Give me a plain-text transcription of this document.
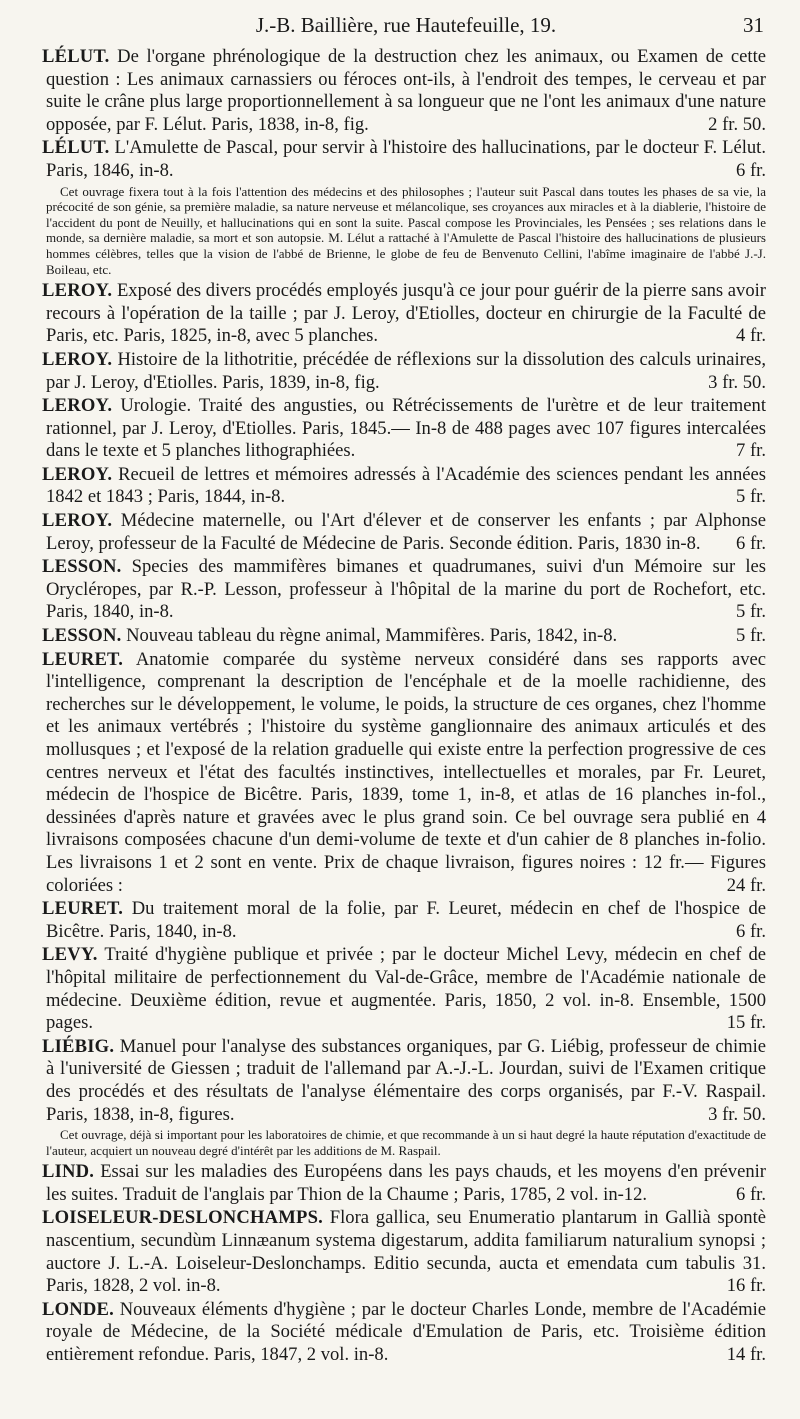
J.-B. Baillière, rue Hautefeuille, 19.	31
LÉLUT. De l'organe phrénologique de la destruction chez les animaux, ou Examen de cette question : Les animaux carnassiers ou féroces ont-ils, à l'endroit des tempes, le cerveau et par suite le crâne plus large proportionnellement à sa longueur que ne l'ont les animaux d'une nature opposée, par F. Lélut. Paris, 1838, in-8, fig.	2 fr. 50.
LÉLUT. L'Amulette de Pascal, pour servir à l'histoire des hallucinations, par le docteur F. Lélut. Paris, 1846, in-8.	6 fr.
Cet ouvrage fixera tout à la fois l'attention des médecins et des philosophes ; l'auteur suit Pascal dans toutes les phases de sa vie, la précocité de son génie, sa première maladie, sa nature nerveuse et mélancolique, ses croyances aux miracles et à la diablerie, l'histoire de l'accident du pont de Neuilly, et hallucinations qui en sont la suite. Pascal compose les Provinciales, les Pensées ; ses relations dans le monde, sa dernière maladie, sa mort et son autopsie. M. Lélut a rattaché à l'Amulette de Pascal l'histoire des hallucinations de plusieurs hommes célèbres, telles que la vision de l'abbé de Brienne, le globe de feu de Benvenuto Cellini, l'abîme imaginaire de l'abbé J.-J. Boileau, etc.
LEROY. Exposé des divers procédés employés jusqu'à ce jour pour guérir de la pierre sans avoir recours à l'opération de la taille ; par J. Leroy, d'Etiolles, docteur en chirurgie de la Faculté de Paris, etc. Paris, 1825, in-8, avec 5 planches.	4 fr.
LEROY. Histoire de la lithotritie, précédée de réflexions sur la dissolution des calculs urinaires, par J. Leroy, d'Etiolles. Paris, 1839, in-8, fig.	3 fr. 50.
LEROY. Urologie. Traité des angusties, ou Rétrécissements de l'urètre et de leur traitement rationnel, par J. Leroy, d'Etiolles. Paris, 1845.— In-8 de 488 pages avec 107 figures intercalées dans le texte et 5 planches lithographiées.	7 fr.
LEROY. Recueil de lettres et mémoires adressés à l'Académie des sciences pendant les années 1842 et 1843 ; Paris, 1844, in-8.	5 fr.
LEROY. Médecine maternelle, ou l'Art d'élever et de conserver les enfants ; par Alphonse Leroy, professeur de la Faculté de Médecine de Paris. Seconde édition. Paris, 1830 in-8.	6 fr.
LESSON. Species des mammifères bimanes et quadrumanes, suivi d'un Mémoire sur les Orycléropes, par R.-P. Lesson, professeur à l'hôpital de la marine du port de Rochefort, etc. Paris, 1840, in-8.	5 fr.
LESSON. Nouveau tableau du règne animal, Mammifères. Paris, 1842, in-8.	5 fr.
LEURET. Anatomie comparée du système nerveux considéré dans ses rapports avec l'intelligence, comprenant la description de l'encéphale et de la moelle rachidienne, des recherches sur le développement, le volume, le poids, la structure de ces organes, chez l'homme et les animaux vertébrés ; l'histoire du système ganglionnaire des animaux articulés et des mollusques ; et l'exposé de la relation graduelle qui existe entre la perfection progressive de ces centres nerveux et l'état des facultés instinctives, intellectuelles et morales, par Fr. Leuret, médecin de l'hospice de Bicêtre. Paris, 1839, tome 1, in-8, et atlas de 16 planches in-fol., dessinées d'après nature et gravées avec le plus grand soin. Ce bel ouvrage sera publié en 4 livraisons composées chacune d'un demi-volume de texte et d'un cahier de 8 planches in-folio. Les livraisons 1 et 2 sont en vente. Prix de chaque livraison, figures noires : 12 fr.— Figures coloriées :	24 fr.
LEURET. Du traitement moral de la folie, par F. Leuret, médecin en chef de l'hospice de Bicêtre. Paris, 1840, in-8.	6 fr.
LEVY. Traité d'hygiène publique et privée ; par le docteur Michel Levy, médecin en chef de l'hôpital militaire de perfectionnement du Val-de-Grâce, membre de l'Académie nationale de médecine. Deuxième édition, revue et augmentée. Paris, 1850, 2 vol. in-8. Ensemble, 1500 pages.	15 fr.
LIÉBIG. Manuel pour l'analyse des substances organiques, par G. Liébig, professeur de chimie à l'université de Giessen ; traduit de l'allemand par A.-J.-L. Jourdan, suivi de l'Examen critique des procédés et des résultats de l'analyse élémentaire des corps organisés, par F.-V. Raspail. Paris, 1838, in-8, figures.	3 fr. 50.
Cet ouvrage, déjà si important pour les laboratoires de chimie, et que recommande à un si haut degré la haute réputation d'exactitude de l'auteur, acquiert un nouveau degré d'intérêt par les additions de M. Raspail.
LIND. Essai sur les maladies des Européens dans les pays chauds, et les moyens d'en prévenir les suites. Traduit de l'anglais par Thion de la Chaume ; Paris, 1785, 2 vol. in-12.	6 fr.
LOISELEUR-DESLONCHAMPS. Flora gallica, seu Enumeratio plantarum in Gallià spontè nascentium, secundùm Linnæanum systema digestarum, addita familiarum naturalium synopsi ; auctore J. L.-A. Loiseleur-Deslonchamps. Editio secunda, aucta et emendata cum tabulis 31. Paris, 1828, 2 vol. in-8.	16 fr.
LONDE. Nouveaux éléments d'hygiène ; par le docteur Charles Londe, membre de l'Académie royale de Médecine, de la Société médicale d'Emulation de Paris, etc. Troisième édition entièrement refondue. Paris, 1847, 2 vol. in-8.	14 fr.
